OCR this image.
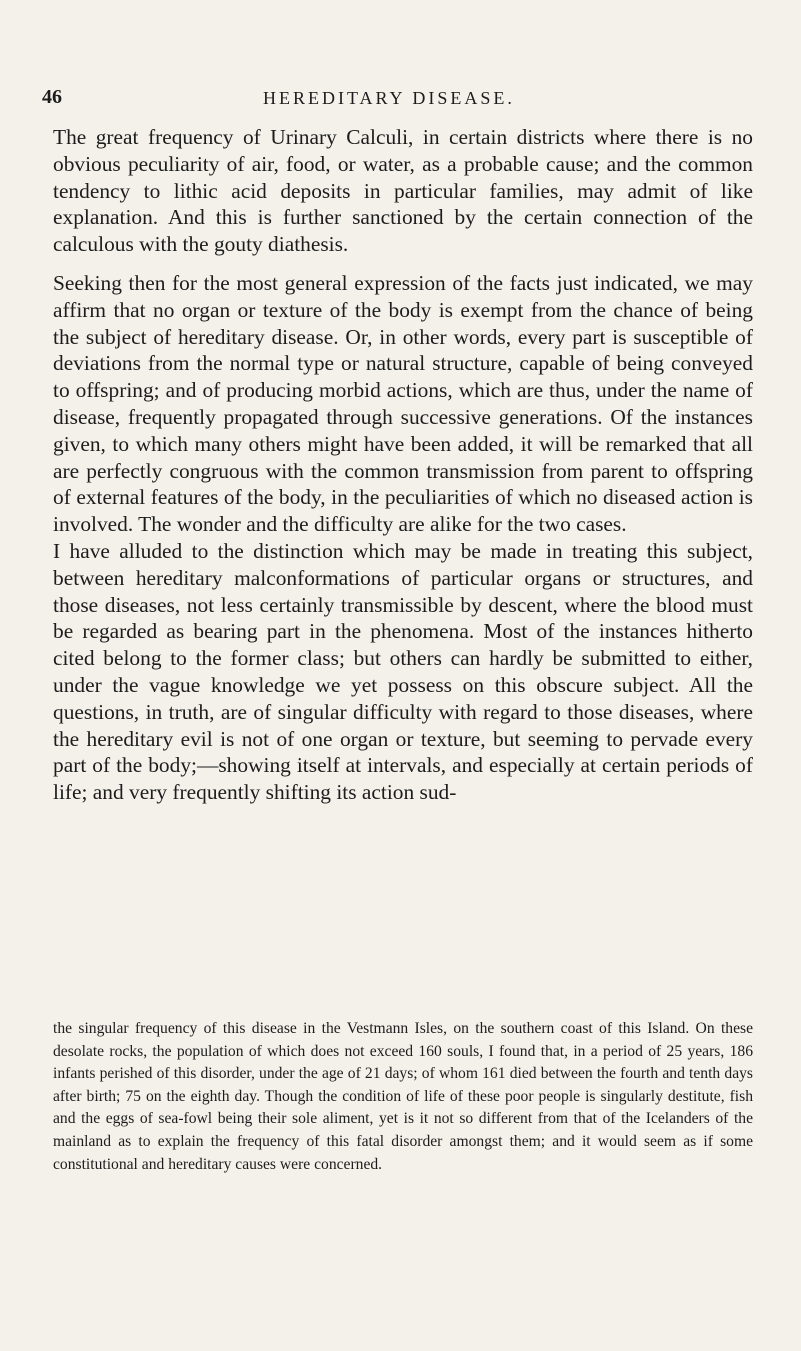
46	HEREDITARY DISEASE.

The great frequency of Urinary Calculi, in certain districts where there is no obvious peculiarity of air, food, or water, as a probable cause; and the common tendency to lithic acid deposits in particular families, may admit of like explanation. And this is further sanctioned by the certain connection of the calculous with the gouty diathesis.

Seeking then for the most general expression of the facts just indicated, we may affirm that no organ or texture of the body is exempt from the chance of being the subject of hereditary disease. Or, in other words, every part is susceptible of deviations from the normal type or natural structure, capable of being conveyed to offspring; and of producing morbid actions, which are thus, under the name of disease, frequently propagated through successive generations. Of the instances given, to which many others might have been added, it will be remarked that all are perfectly congruous with the common transmission from parent to offspring of external features of the body, in the peculiarities of which no diseased action is involved. The wonder and the difficulty are alike for the two cases.

I have alluded to the distinction which may be made in treating this subject, between hereditary malconformations of particular organs or structures, and those diseases, not less certainly transmissible by descent, where the blood must be regarded as bearing part in the phenomena. Most of the instances hitherto cited belong to the former class; but others can hardly be submitted to either, under the vague knowledge we yet possess on this obscure subject. All the questions, in truth, are of singular difficulty with regard to those diseases, where the hereditary evil is not of one organ or texture, but seeming to pervade every part of the body;—showing itself at intervals, and especially at certain periods of life; and very frequently shifting its action sud-

the singular frequency of this disease in the Vestmann Isles, on the southern coast of this Island. On these desolate rocks, the population of which does not exceed 160 souls, I found that, in a period of 25 years, 186 infants perished of this disorder, under the age of 21 days; of whom 161 died between the fourth and tenth days after birth; 75 on the eighth day. Though the condition of life of these poor people is singularly destitute, fish and the eggs of sea-fowl being their sole aliment, yet is it not so different from that of the Icelanders of the mainland as to explain the frequency of this fatal disorder amongst them; and it would seem as if some constitutional and hereditary causes were concerned.
